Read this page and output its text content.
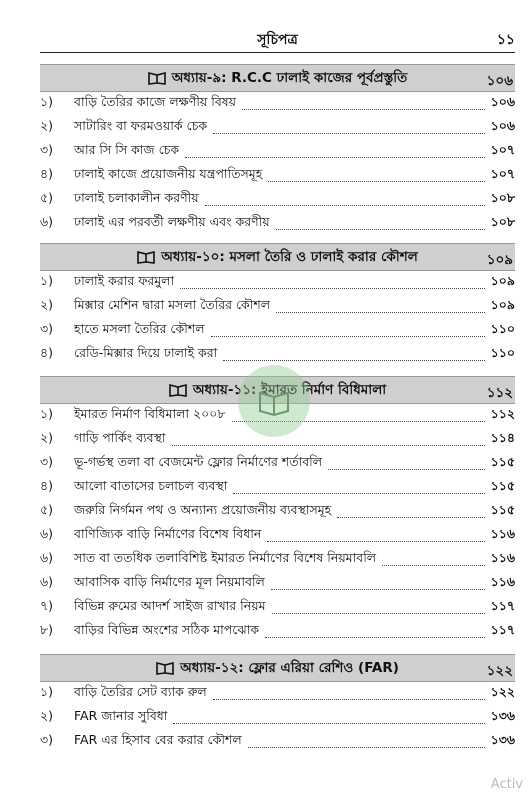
সূচিপত্র	১১
অধ্যায়-৯: R.C.C ঢালাই কাজের পূর্বপ্রস্তুতি	১০৬
১)	বাড়ি তৈরির কাজে লক্ষণীয় বিষয়	১০৬
২)	সাটারিং বা ফরমওয়ার্ক চেক	১০৬
৩)	আর সি সি কাজ চেক	১০৭
৪)	ঢালাই কাজে প্রয়োজনীয় যন্ত্রপাতিসমূহ	১০৭
৫)	ঢালাই চলাকালীন করণীয়	১০৮
৬)	ঢালাই এর পরবর্তী লক্ষণীয় এবং করণীয়	১০৮
অধ্যায়-১০: মসলা তৈরি ও ঢালাই করার কৌশল	১০৯
১)	ঢালাই করার ফরমুলা	১০৯
২)	মিক্সার মেশিন দ্বারা মসলা তৈরির কৌশল	১০৯
৩)	হাতে মসলা তৈরির কৌশল	১১০
৪)	রেডি-মিক্সার দিয়ে ঢালাই করা	১১০
অধ্যায়-১১: ইমারত নির্মাণ বিধিমালা	১১২
১)	ইমারত নির্মাণ বিধিমালা ২০০৮	১১২
২)	গাড়ি পার্কিং ব্যবস্থা	১১৪
৩)	ভূ-গর্ভস্থ তলা বা বেজমেন্ট ফ্লোর নির্মাণের শর্তাবলি	১১৫
৪)	আলো বাতাসের চলাচল ব্যবস্থা	১১৫
৫)	জরুরি নির্গমন পথ ও অন্যান্য প্রয়োজনীয় ব্যবস্থাসমূহ	১১৫
৬)	বাণিজ্যিক বাড়ি নির্মাণের বিশেষ বিধান	১১৬
৬)	সাত বা ততধিক তলাবিশিষ্ট ইমারত নির্মাণের বিশেষ নিয়মাবলি	১১৬
৬)	আবাসিক বাড়ি নির্মাণের মূল নিয়মাবলি	১১৬
৭)	বিভিন্ন রুমের আদর্শ সাইজ রাখার নিয়ম	১১৭
৮)	বাড়ির বিভিন্ন অংশের সঠিক মাপঝোক	১১৭
অধ্যায়-১২: ফ্লোর এরিয়া রেশিও (FAR)	১২২
১)	বাড়ি তৈরির সেট ব্যাক রুল	১২২
২)	FAR জানার সুবিধা	১৩৬
৩)	FAR এর হিসাব বের করার কৌশল	১৩৬
Activ
